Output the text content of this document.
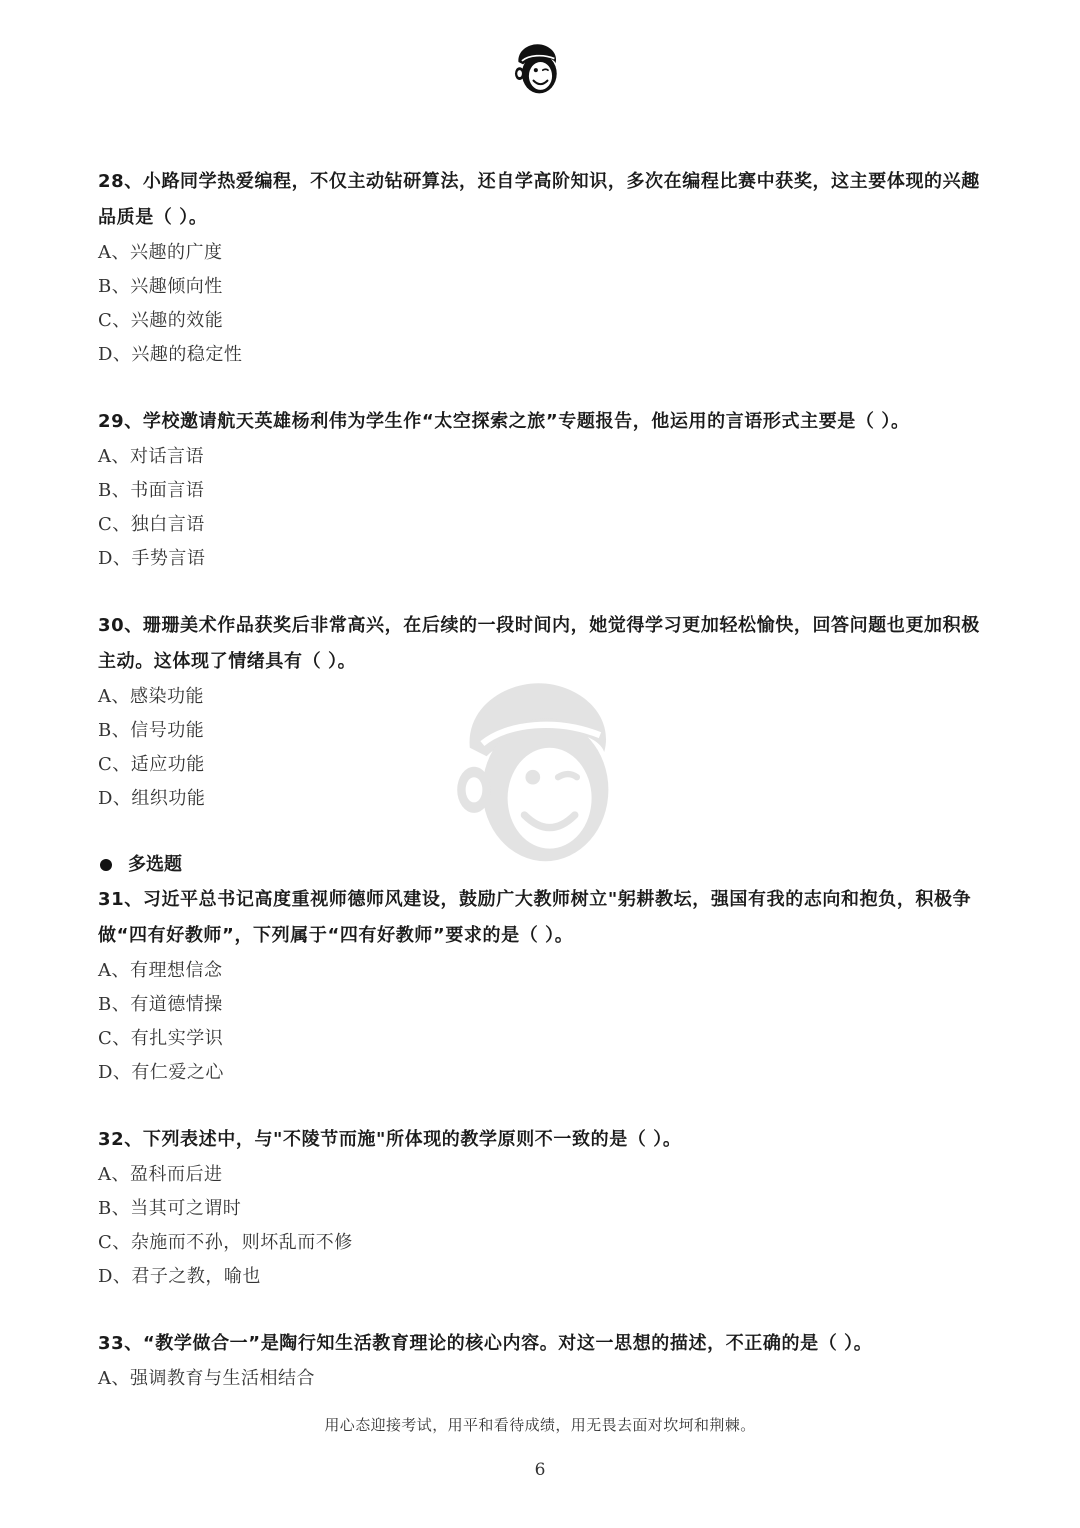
28、小路同学热爱编程，不仅主动钻研算法，还自学高阶知识，多次在编程比赛中获奖，这主要体现的兴趣品质是（ ）。
A、兴趣的广度
B、兴趣倾向性
C、兴趣的效能
D、兴趣的稳定性
29、学校邀请航天英雄杨利伟为学生作“太空探索之旅”专题报告，他运用的言语形式主要是（ ）。
A、对话言语
B、书面言语
C、独白言语
D、手势言语
30、珊珊美术作品获奖后非常高兴，在后续的一段时间内，她觉得学习更加轻松愉快，回答问题也更加积极主动。这体现了情绪具有（ ）。
A、感染功能
B、信号功能
C、适应功能
D、组织功能
多选题
31、习近平总书记高度重视师德师风建设，鼓励广大教师树立"躬耕教坛，强国有我的志向和抱负，积极争做“四有好教师”，下列属于“四有好教师”要求的是（ ）。
A、有理想信念
B、有道德情操
C、有扎实学识
D、有仁爱之心
32、下列表述中，与"不陵节而施"所体现的教学原则不一致的是（ ）。
A、盈科而后进
B、当其可之谓时
C、杂施而不孙，则坏乱而不修
D、君子之教，喻也
33、“教学做合一”是陶行知生活教育理论的核心内容。对这一思想的描述，不正确的是（ ）。
A、强调教育与生活相结合
用心态迎接考试，用平和看待成绩，用无畏去面对坎坷和荆棘。
6
